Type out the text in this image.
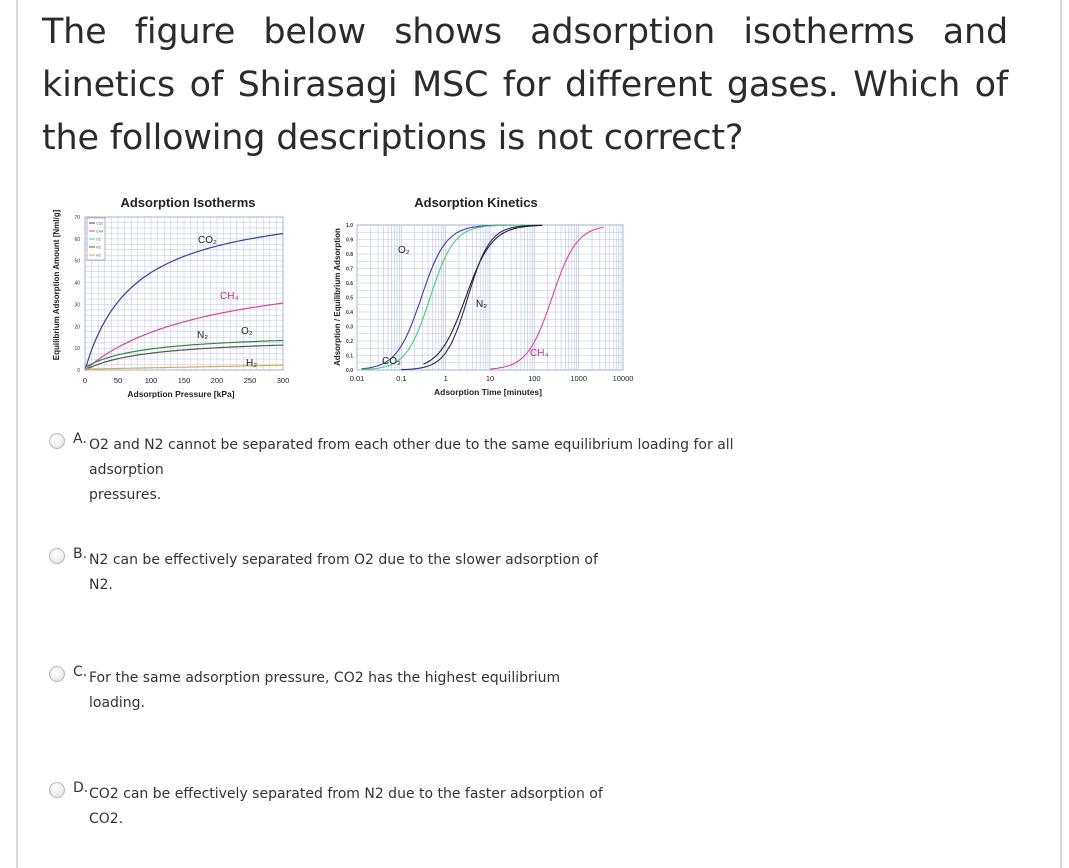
The figure below shows adsorption isotherms and kinetics of Shirasagi MSC for different gases. Which of the following descriptions is not correct?
Adsorption Isotherms
0
10
20
30
40
50
60
70
0	50	100	150	200	250	300
Equilibrium Adsorption Amount [Nml/g]
Adsorption Pressure [kPa]
CO2
CH4
O2
N2
H2
CO₂
CH₄
N₂	O₂
H₂
Adsorption Kinetics
0.0
0.1
0.2
0.3
0.4
0.5
0.6
0.7
0.8
0.9
1.0
0.01	0.1	1	10	100	1000	10000
Adsorption / Equilibrium Adsorption
Adsorption Time [minutes]
O₂
N₂
CO₂
CH₄
A. O2 and N2 cannot be separated from each other due to the same equilibrium loading for all adsorption
pressures.
B. N2 can be effectively separated from O2 due to the slower adsorption of
N2.
C. For the same adsorption pressure, CO2 has the highest equilibrium
loading.
D. CO2 can be effectively separated from N2 due to the faster adsorption of
CO2.
